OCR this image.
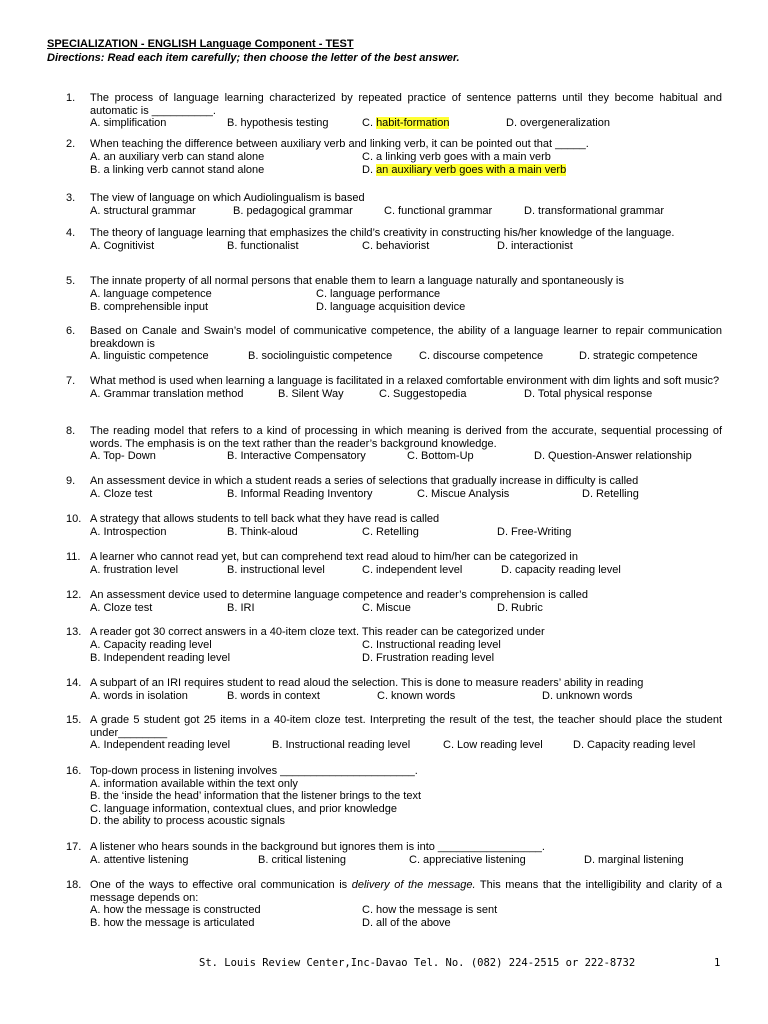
SPECIALIZATION - ENGLISH Language Component - TEST
Directions: Read each item carefully; then choose the letter of the best answer.
1.	The process of language learning characterized by repeated practice of sentence patterns until they become habitual and automatic is __________.
A. simplification	B. hypothesis testing	C. habit-formation	D. overgeneralization
2.	When teaching the difference between auxiliary verb and linking verb, it can be pointed out that _____.
A. an auxiliary verb can stand alone	C. a linking verb goes with a main verb
B. a linking verb cannot stand alone	D. an auxiliary verb goes with a main verb
3.	The view of language on which Audiolingualism is based
A. structural grammar	B. pedagogical grammar	C. functional grammar	D. transformational grammar
4.	The theory of language learning that emphasizes the child’s creativity in constructing his/her knowledge of the language.
A. Cognitivist	B. functionalist	C. behaviorist	D. interactionist
5.	The innate property of all normal persons that enable them to learn a language naturally and spontaneously is
A. language competence	C. language performance
B. comprehensible input	D. language acquisition device
6.	Based on Canale and Swain’s model of communicative competence, the ability of a language learner to repair communication breakdown is
A. linguistic competence	B. sociolinguistic competence C. discourse competence	D. strategic competence
7.	What method is used when learning a language is facilitated in a relaxed comfortable environment with dim lights and soft music?
A. Grammar translation method	B. Silent Way	C. Suggestopedia	D. Total physical response
8.	The reading model that refers to a kind of processing in which meaning is derived from the accurate, sequential processing of words. The emphasis is on the text rather than the reader’s background knowledge.
A. Top- Down	B. Interactive Compensatory	C. Bottom-Up	D. Question-Answer relationship
9.	An assessment device in which a student reads a series of selections that gradually increase in difficulty is called
A. Cloze test	B. Informal Reading Inventory	C. Miscue Analysis	D. Retelling
10. A strategy that allows students to tell back what they have read is called
A. Introspection	B. Think-aloud	C. Retelling	D. Free-Writing
11. A learner who cannot read yet, but can comprehend text read aloud to him/her can be categorized in
A. frustration level	B. instructional level	C. independent level	D. capacity reading level
12. An assessment device used to determine language competence and reader’s comprehension is called
A. Cloze test	B. IRI	C. Miscue	D. Rubric
13. A reader got 30 correct answers in a 40-item cloze text. This reader can be categorized under
A. Capacity reading level	C. Instructional reading level
B. Independent reading level	D. Frustration reading level
14. A subpart of an IRI requires student to read aloud the selection. This is done to measure readers’ ability in reading
A. words in isolation	B. words in context	C. known words	D. unknown words
15. A grade 5 student got 25 items in a 40-item cloze test. Interpreting the result of the test, the teacher should place the student under________
A. Independent reading level	B. Instructional reading level	C. Low reading level	D. Capacity reading level
16. Top-down process in listening involves ______________________.
A. information available within the text only
B. the ‘inside the head’ information that the listener brings to the text
C. language information, contextual clues, and prior knowledge
D. the ability to process acoustic signals
17. A listener who hears sounds in the background but ignores them is into _________________.
A. attentive listening	B. critical listening	C. appreciative listening	D. marginal listening
18. One of the ways to effective oral communication is delivery of the message. This means that the intelligibility and clarity of a message depends on:
A. how the message is constructed	C. how the message is sent
B. how the message is articulated	D. all of the above
St. Louis Review Center,Inc-Davao Tel. No. (082) 224-2515 or 222-8732	1
